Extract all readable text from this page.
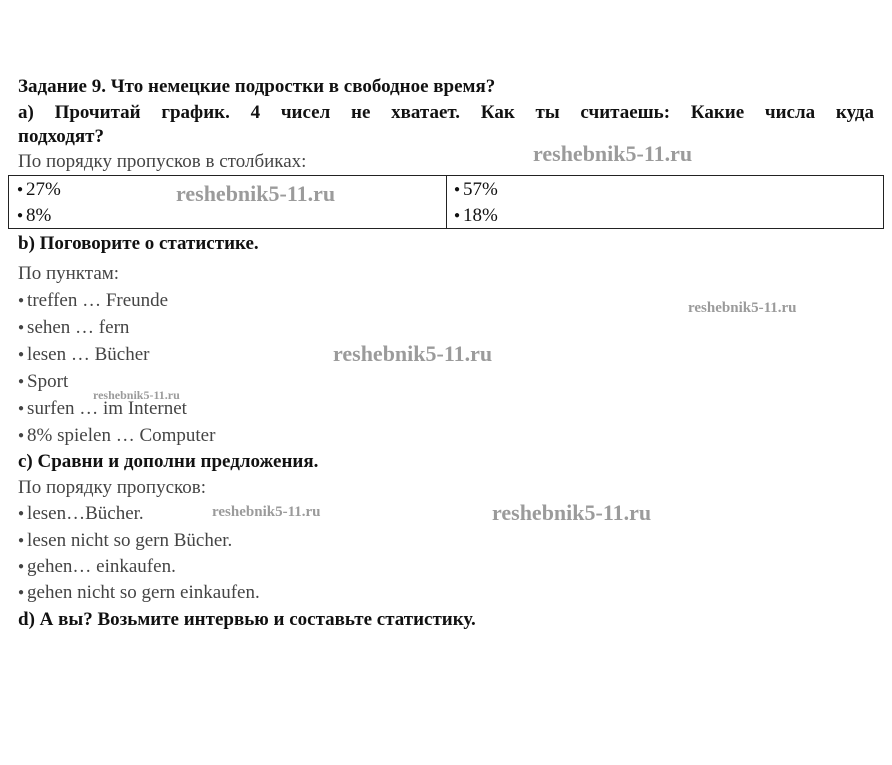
Задание 9. Что немецкие подростки в свободное время?
a) Прочитай график. 4 чисел не хватает. Как ты считаешь: Какие числа куда
подходят?
По порядку пропусков в столбиках:
● 27%
● 8%
● 57%
● 18%
b) Поговорите о статистике.
По пунктам:
● treffen … Freunde
● sehen … fern
● lesen … Bücher
● Sport
● surfen … im Internet
● 8% spielen … Computer
c) Сравни и дополни предложения.
По порядку пропусков:
● lesen…Bücher.
● lesen nicht so gern Bücher.
● gehen… einkaufen.
● gehen nicht so gern einkaufen.
d) А вы? Возьмите интервью и составьте статистику.
reshebnik5-11.ru
reshebnik5-11.ru
reshebnik5-11.ru
reshebnik5-11.ru
reshebnik5-11.ru
reshebnik5-11.ru	reshebnik5-11.ru
